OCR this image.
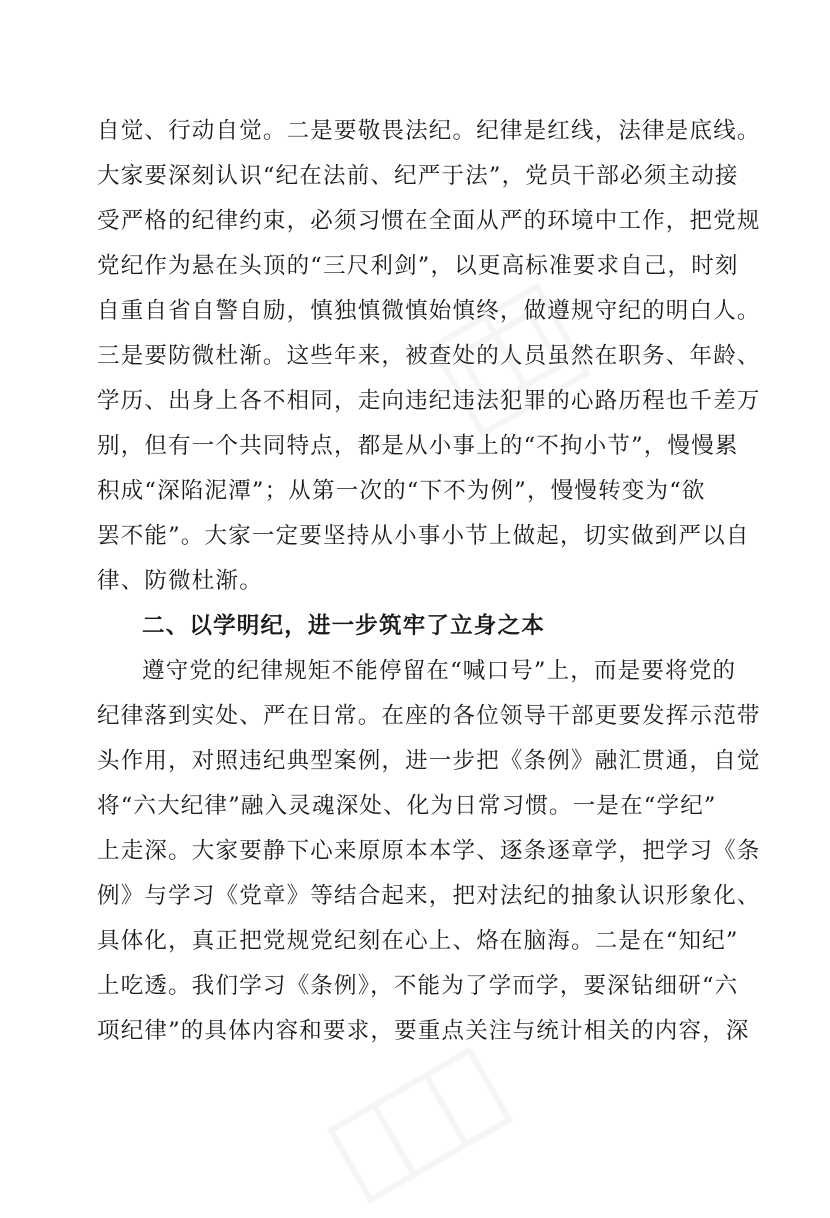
自觉、行动自觉。二是要敬畏法纪。纪律是红线，法律是底线。
大家要深刻认识“纪在法前、纪严于法”，党员干部必须主动接
受严格的纪律约束，必须习惯在全面从严的环境中工作，把党规
党纪作为悬在头顶的“三尺利剑”，以更高标准要求自己，时刻
自重自省自警自励，慎独慎微慎始慎终，做遵规守纪的明白人。
三是要防微杜渐。这些年来，被查处的人员虽然在职务、年龄、
学历、出身上各不相同，走向违纪违法犯罪的心路历程也千差万
别，但有一个共同特点，都是从小事上的“不拘小节”，慢慢累
积成“深陷泥潭”；从第一次的“下不为例”，慢慢转变为“欲
罢不能”。大家一定要坚持从小事小节上做起，切实做到严以自
律、防微杜渐。
二、以学明纪，进一步筑牢了立身之本
遵守党的纪律规矩不能停留在“喊口号”上，而是要将党的
纪律落到实处、严在日常。在座的各位领导干部更要发挥示范带
头作用，对照违纪典型案例，进一步把《条例》融汇贯通，自觉
将“六大纪律”融入灵魂深处、化为日常习惯。一是在“学纪”
上走深。大家要静下心来原原本本学、逐条逐章学，把学习《条
例》与学习《党章》等结合起来，把对法纪的抽象认识形象化、
具体化，真正把党规党纪刻在心上、烙在脑海。二是在“知纪”
上吃透。我们学习《条例》，不能为了学而学，要深钻细研“六
项纪律”的具体内容和要求，要重点关注与统计相关的内容，深
